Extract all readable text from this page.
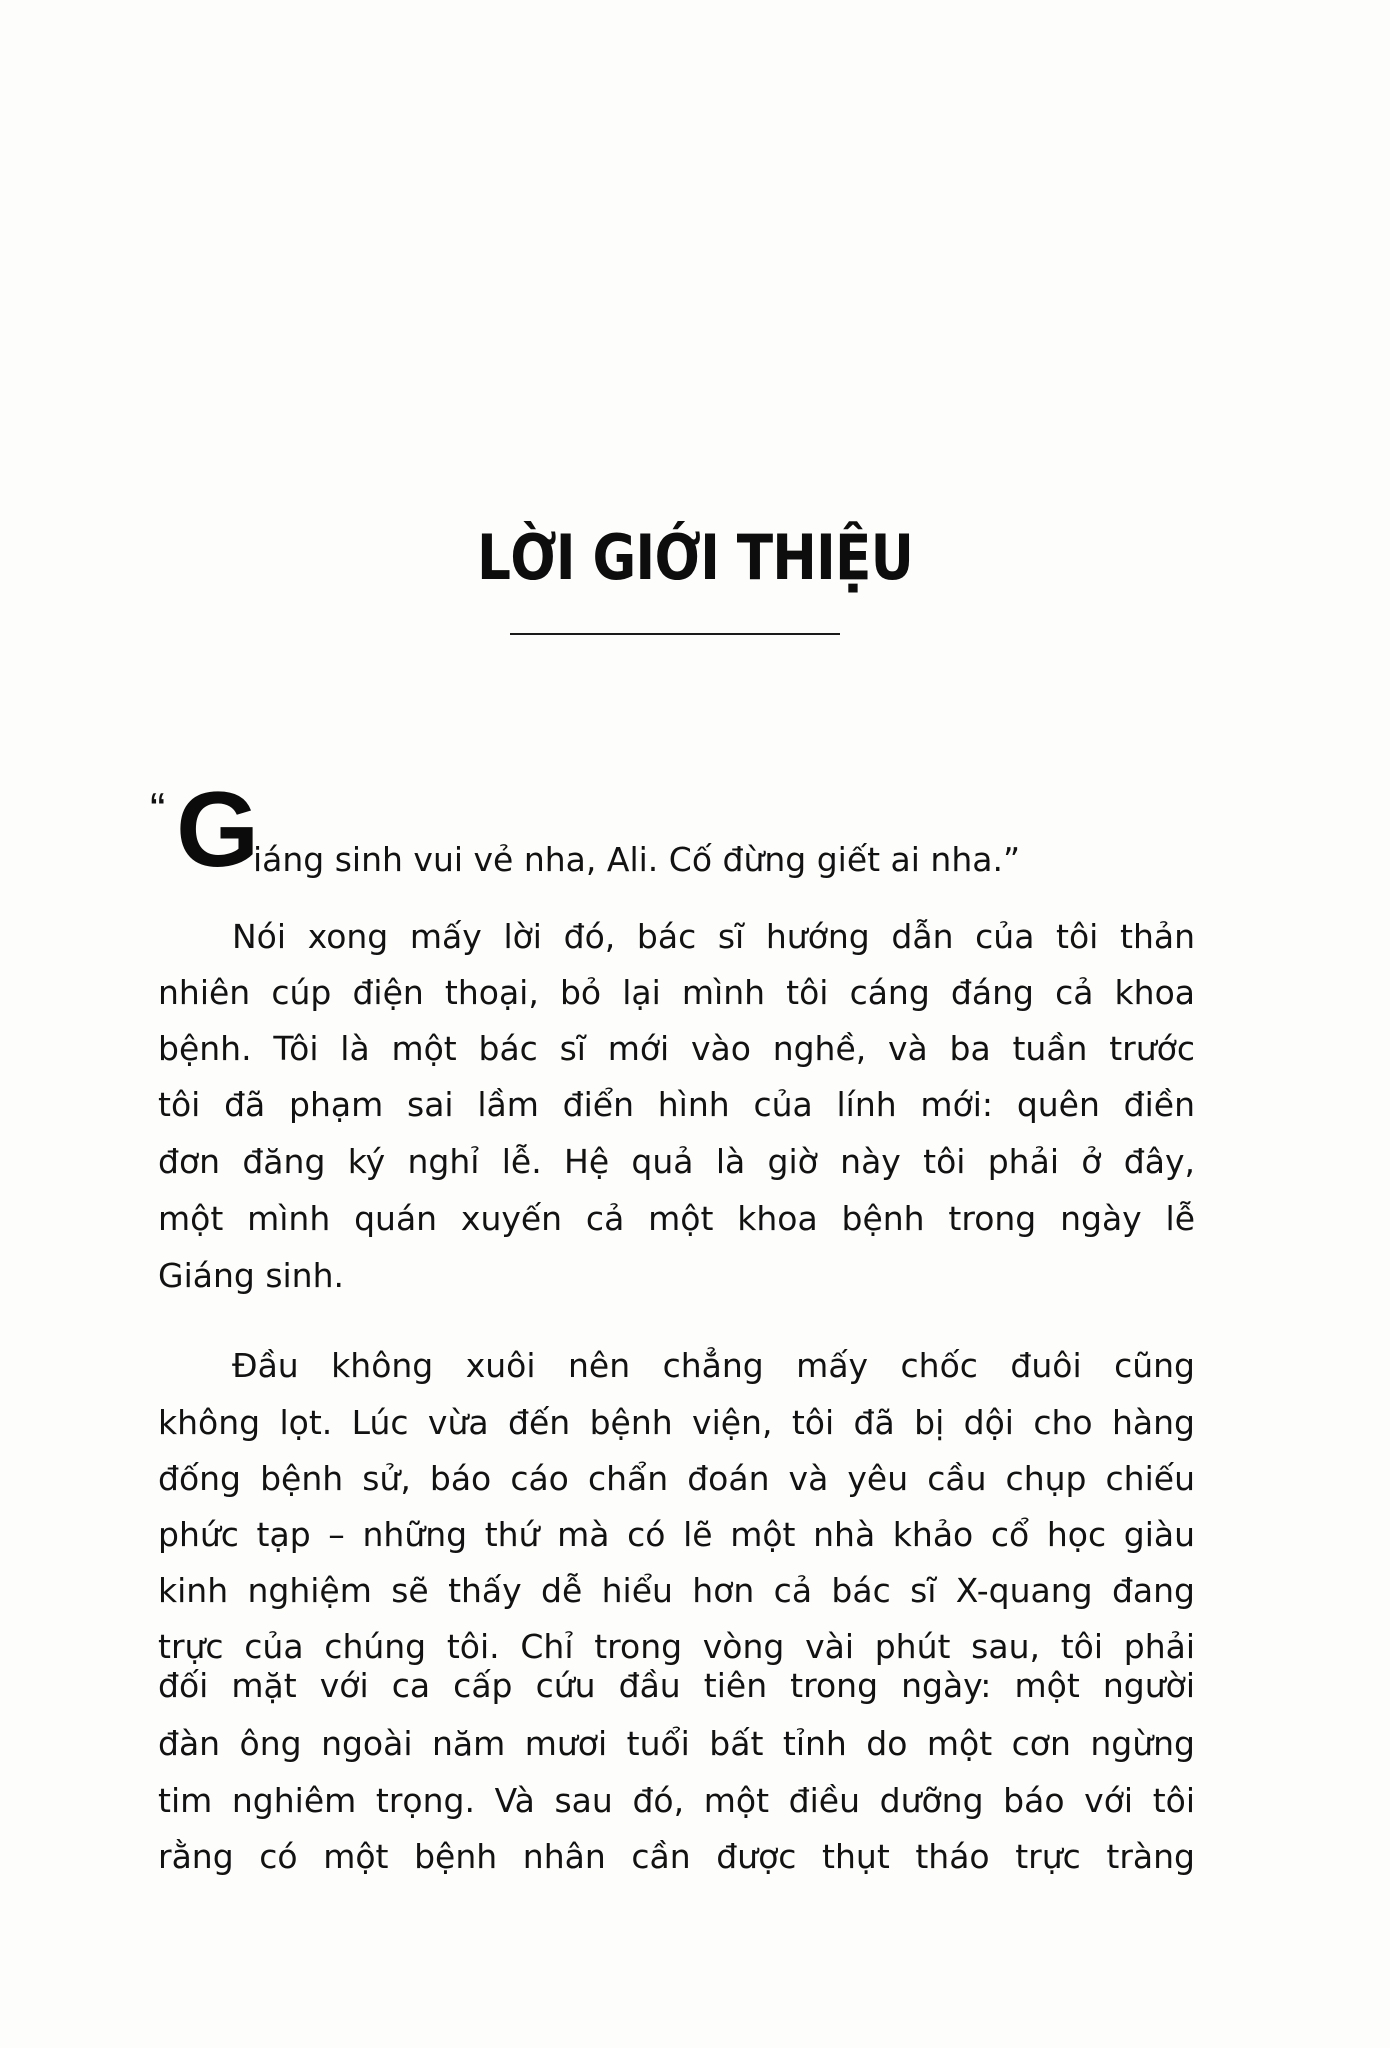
LỜI GIỚI THIỆU
“ G
iáng sinh vui vẻ nha, Ali. Cố đừng giết ai nha.”
Nói xong mấy lời đó, bác sĩ hướng dẫn của tôi thản
nhiên cúp điện thoại, bỏ lại mình tôi cáng đáng cả khoa
bệnh. Tôi là một bác sĩ mới vào nghề, và ba tuần trước
tôi đã phạm sai lầm điển hình của lính mới: quên điền
đơn đăng ký nghỉ lễ. Hệ quả là giờ này tôi phải ở đây,
một mình quán xuyến cả một khoa bệnh trong ngày lễ
Giáng sinh.
Đầu không xuôi nên chẳng mấy chốc đuôi cũng
không lọt. Lúc vừa đến bệnh viện, tôi đã bị dội cho hàng
đống bệnh sử, báo cáo chẩn đoán và yêu cầu chụp chiếu
phức tạp – những thứ mà có lẽ một nhà khảo cổ học giàu
kinh nghiệm sẽ thấy dễ hiểu hơn cả bác sĩ X-quang đang
trực của chúng tôi. Chỉ trong vòng vài phút sau, tôi phải
đối mặt với ca cấp cứu đầu tiên trong ngày: một người
đàn ông ngoài năm mươi tuổi bất tỉnh do một cơn ngừng
tim nghiêm trọng. Và sau đó, một điều dưỡng báo với tôi
rằng có một bệnh nhân cần được thụt tháo trực tràng
